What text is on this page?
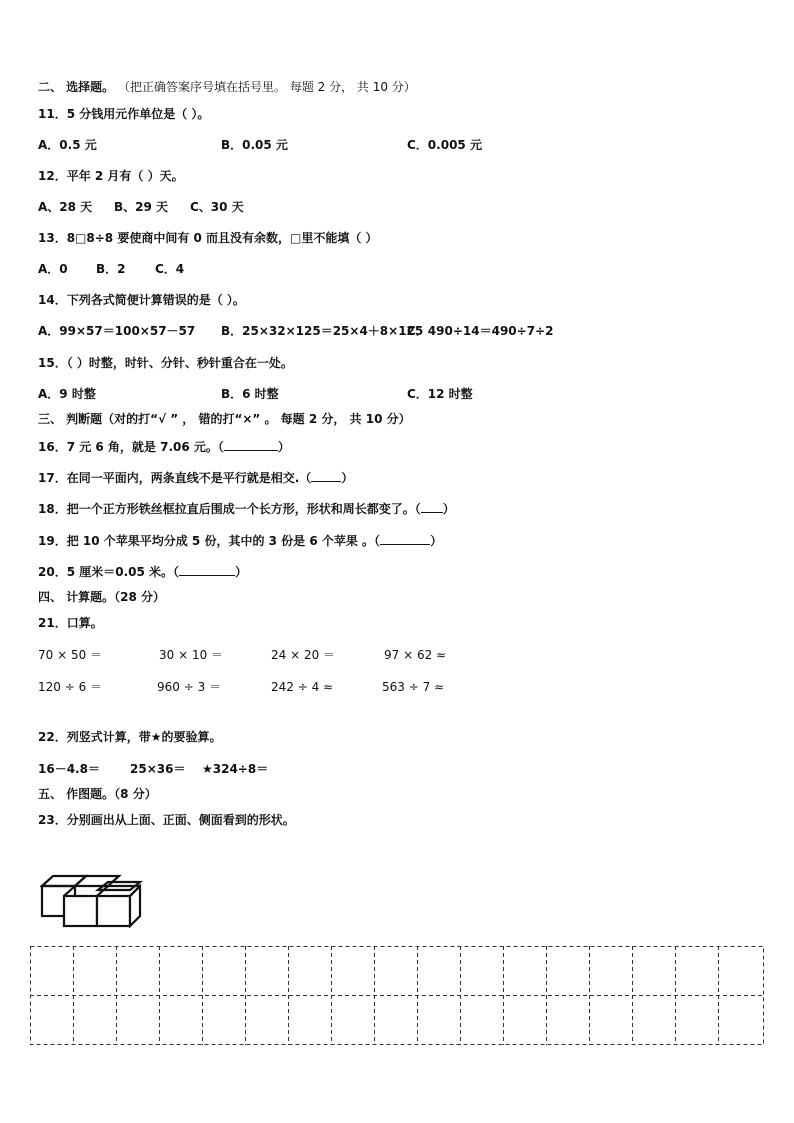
二、 选择题。 （把正确答案序号填在括号里。 每题 2 分， 共 10 分）
11．5 分钱用元作单位是（ ）。
A．0.5 元	B．0.05 元	C．0.005 元
12．平年 2 月有（ ）天。
A、28 天 B、29 天 C、30 天
13．8□8÷8 要使商中间有 0 而且没有余数，□里不能填（ ）
A．0 B．2 C．4
14．下列各式简便计算错误的是（ ）。
A．99×57＝100×57－57 B．25×32×125＝25×4＋8×125
C．490÷14＝490÷7÷2
15．（ ）时整，时针、分针、秒针重合在一处。
A．9 时整	B．6 时整	C．12 时整
三、 判断题（对的打“√ ” ， 错的打“×” 。 每题 2 分， 共 10 分）
16．7 元 6 角，就是 7.06 元。（	）
17．在同一平面内，两条直线不是平行就是相交.（	）
18．把一个正方形铁丝框拉直后围成一个长方形，形状和周长都变了。（ ）
19．把 10 个苹果平均分成 5 份，其中的 3 份是 6 个苹果 。（	）
20．5 厘米＝0.05 米。（	）
四、 计算题。（28 分）
21．口算。
70 × 50 ＝	30 × 10 ＝	24 × 20 ＝	97 × 62 ≈
120 ÷ 6 ＝	960 ÷ 3 ＝	242 ÷ 4 ≈	563 ÷ 7 ≈
22．列竖式计算，带★的要验算。
16－4.8＝	25×36＝ ★324÷8＝
五、 作图题。（8 分）
23．分别画出从上面、正面、侧面看到的形状。
